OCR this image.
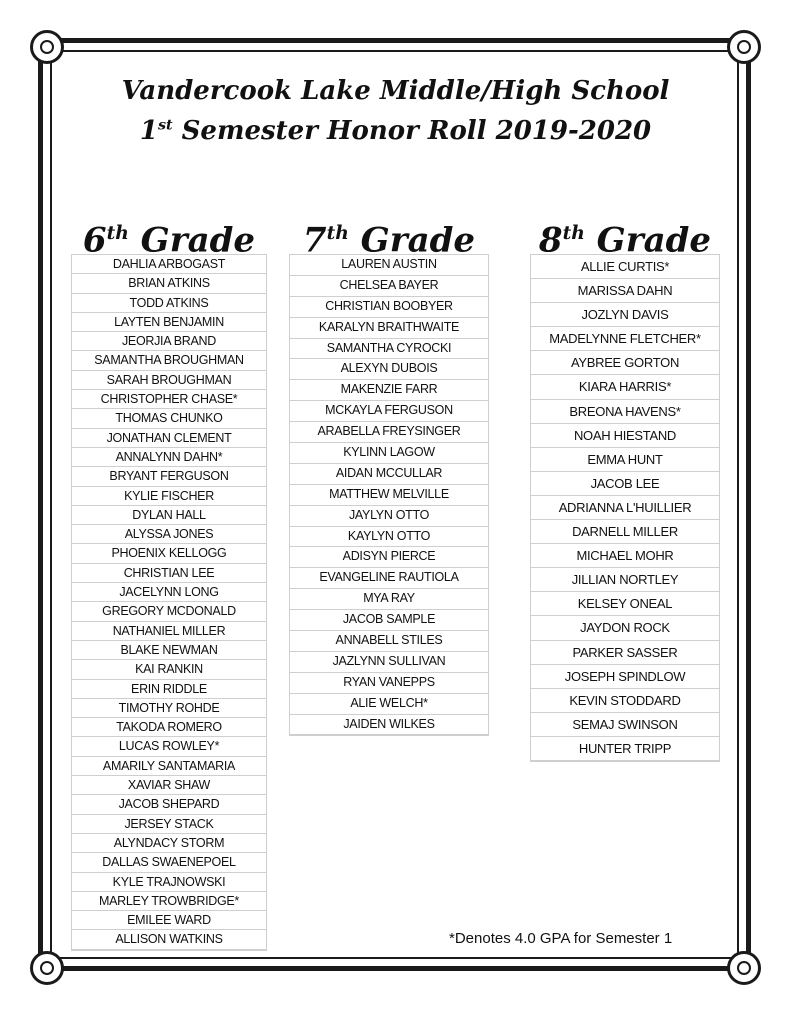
Vandercook Lake Middle/High School
1st Semester Honor Roll 2019-2020
6th Grade
DAHLIA ARBOGAST
BRIAN ATKINS
TODD ATKINS
LAYTEN BENJAMIN
JEORJIA BRAND
SAMANTHA BROUGHMAN
SARAH BROUGHMAN
CHRISTOPHER CHASE*
THOMAS CHUNKO
JONATHAN CLEMENT
ANNALYNN DAHN*
BRYANT FERGUSON
KYLIE FISCHER
DYLAN HALL
ALYSSA JONES
PHOENIX KELLOGG
CHRISTIAN LEE
JACELYNN LONG
GREGORY MCDONALD
NATHANIEL MILLER
BLAKE NEWMAN
KAI RANKIN
ERIN RIDDLE
TIMOTHY ROHDE
TAKODA ROMERO
LUCAS ROWLEY*
AMARILY SANTAMARIA
XAVIAR SHAW
JACOB SHEPARD
JERSEY STACK
ALYNDACY STORM
DALLAS SWAENEPOEL
KYLE TRAJNOWSKI
MARLEY TROWBRIDGE*
EMILEE WARD
ALLISON WATKINS
7th Grade
LAUREN AUSTIN
CHELSEA BAYER
CHRISTIAN BOOBYER
KARALYN BRAITHWAITE
SAMANTHA CYROCKI
ALEXYN DUBOIS
MAKENZIE FARR
MCKAYLA FERGUSON
ARABELLA FREYSINGER
KYLINN LAGOW
AIDAN MCCULLAR
MATTHEW MELVILLE
JAYLYN OTTO
KAYLYN OTTO
ADISYN PIERCE
EVANGELINE RAUTIOLA
MYA RAY
JACOB SAMPLE
ANNABELL STILES
JAZLYNN SULLIVAN
RYAN VANEPPS
ALIE WELCH*
JAIDEN WILKES
8th Grade
ALLIE CURTIS*
MARISSA DAHN
JOZLYN DAVIS
MADELYNNE FLETCHER*
AYBREE GORTON
KIARA HARRIS*
BREONA HAVENS*
NOAH HIESTAND
EMMA HUNT
JACOB LEE
ADRIANNA L'HUILLIER
DARNELL MILLER
MICHAEL MOHR
JILLIAN NORTLEY
KELSEY ONEAL
JAYDON ROCK
PARKER SASSER
JOSEPH SPINDLOW
KEVIN STODDARD
SEMAJ SWINSON
HUNTER TRIPP
*Denotes 4.0 GPA for Semester 1
